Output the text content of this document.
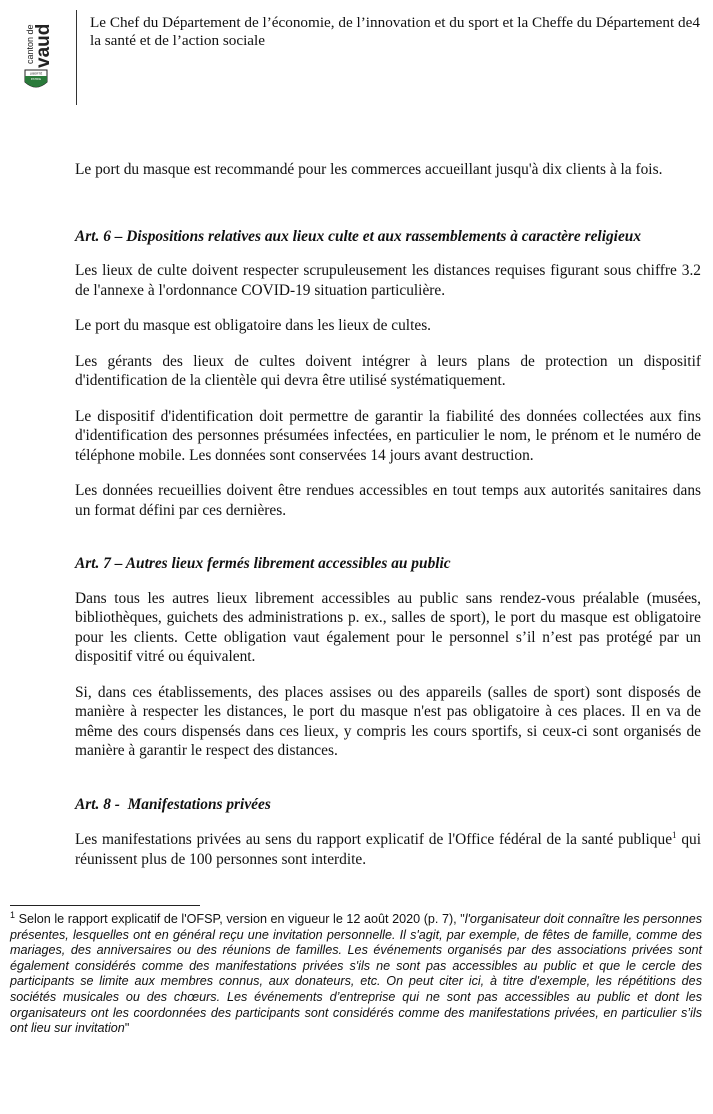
canton de
vaud
LIBERTÉ
PATRIE
Le Chef du Département de l’économie, de l’innovation et du sport et la Cheffe du Département de la santé et de l’action sociale
4

Le port du masque est recommandé pour les commerces accueillant jusqu'à dix clients à la fois.

Art. 6 – Dispositions relatives aux lieux culte et aux rassemblements à caractère religieux

Les lieux de culte doivent respecter scrupuleusement les distances requises figurant sous chiffre 3.2 de l'annexe à l'ordonnance COVID-19 situation particulière.

Le port du masque est obligatoire dans les lieux de cultes.

Les gérants des lieux de cultes doivent intégrer à leurs plans de protection un dispositif d'identification de la clientèle qui devra être utilisé systématiquement.

Le dispositif d'identification doit permettre de garantir la fiabilité des données collectées aux fins d'identification des personnes présumées infectées, en particulier le nom, le prénom et le numéro de téléphone mobile. Les données sont conservées 14 jours avant destruction.

Les données recueillies doivent être rendues accessibles en tout temps aux autorités sanitaires dans un format défini par ces dernières.

Art. 7 – Autres lieux fermés librement accessibles au public

Dans tous les autres lieux librement accessibles au public sans rendez-vous préalable (musées, bibliothèques, guichets des administrations p. ex., salles de sport), le port du masque est obligatoire pour les clients. Cette obligation vaut également pour le personnel s’il n’est pas protégé par un dispositif vitré ou équivalent.

Si, dans ces établissements, des places assises ou des appareils (salles de sport) sont disposés de manière à respecter les distances, le port du masque n'est pas obligatoire à ces places. Il en va de même des cours dispensés dans ces lieux, y compris les cours sportifs, si ceux-ci sont organisés de manière à garantir le respect des distances.

Art. 8 -  Manifestations privées

Les manifestations privées au sens du rapport explicatif de l'Office fédéral de la santé publique$^1$ qui réunissent plus de 100 personnes sont interdite.

$^1$ Selon le rapport explicatif de l'OFSP, version en vigueur le 12 août 2020 (p. 7), "l'organisateur doit connaître les personnes présentes, lesquelles ont en général reçu une invitation personnelle. Il s'agit, par exemple, de fêtes de famille, comme des mariages, des anniversaires ou des réunions de familles. Les événements organisés par des associations privées sont également considérés comme des manifestations privées s'ils ne sont pas accessibles au public et que le cercle des participants se limite aux membres connus, aux donateurs, etc. On peut citer ici, à titre d'exemple, les répétitions des sociétés musicales ou des chœurs. Les événements d’entreprise qui ne sont pas accessibles au public et dont les organisateurs ont les coordonnées des participants sont considérés comme des manifestations privées, en particulier s’ils ont lieu sur invitation"
